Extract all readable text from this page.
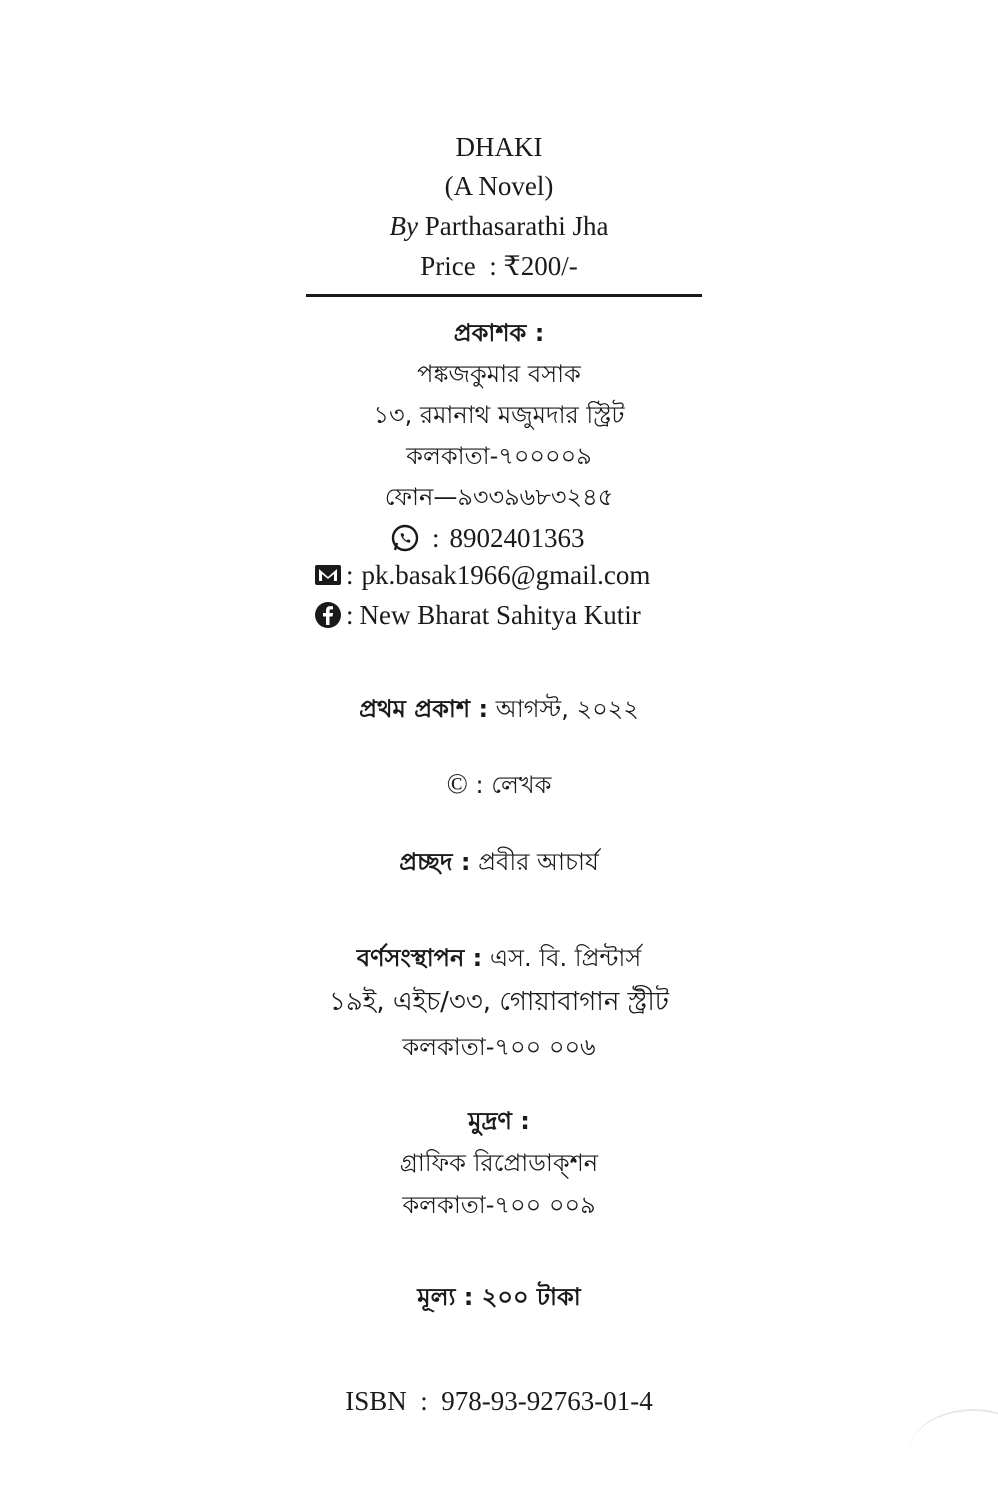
DHAKI
(A Novel)
By Parthasarathi Jha
Price  : ₹200/-
প্রকাশক :
পঙ্কজকুমার বসাক
১৩, রমানাথ মজুমদার স্ট্রিট
কলকাতা-৭০০০০৯
ফোন—৯৩৩৯৬৮৩২৪৫
: 8902401363
: pk.basak1966@gmail.com
: New Bharat Sahitya Kutir
প্রথম প্রকাশ : আগস্ট, ২০২২
© : লেখক
প্রচ্ছদ : প্রবীর আচার্য
বর্ণসংস্থাপন : এস. বি. প্রিন্টার্স
১৯ই, এইচ/৩৩, গোয়াবাগান স্ট্রীট
কলকাতা-৭০০ ০০৬
মুদ্রণ :
গ্রাফিক রিপ্রোডাক্শন
কলকাতা-৭০০ ০০৯
মূল্য : ২০০ টাকা
ISBN  :  978-93-92763-01-4
